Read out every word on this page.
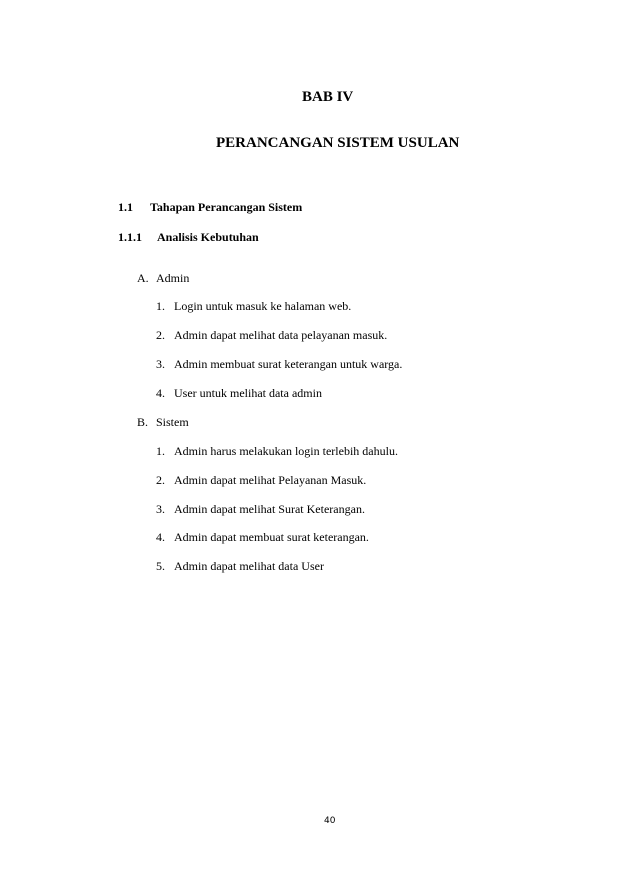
BAB IV
PERANCANGAN SISTEM USULAN
1.1 Tahapan Perancangan Sistem
1.1.1 Analisis Kebutuhan
A. Admin
1. Login untuk masuk ke halaman web.
2. Admin dapat melihat data pelayanan masuk.
3. Admin membuat surat keterangan untuk warga.
4. User untuk melihat data admin
B. Sistem
1. Admin harus melakukan login terlebih dahulu.
2. Admin dapat melihat Pelayanan Masuk.
3. Admin dapat melihat Surat Keterangan.
4. Admin dapat membuat surat keterangan.
5. Admin dapat melihat data User
40
